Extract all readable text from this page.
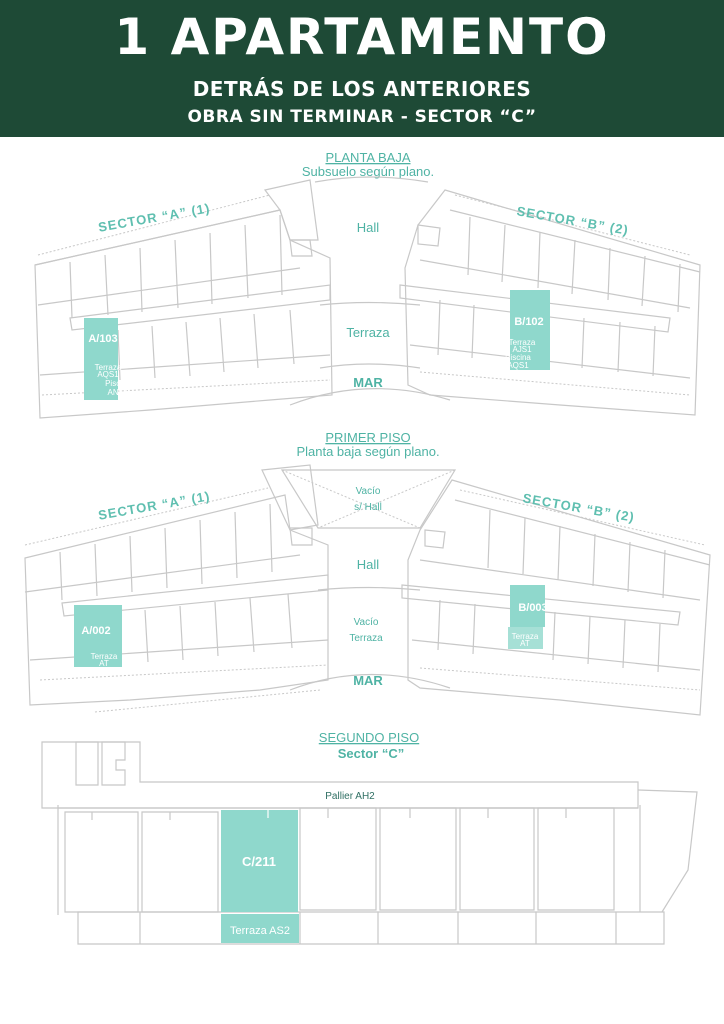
1 APARTAMENTO
DETRÁS DE LOS ANTERIORES
OBRA SIN TERMINAR - SECTOR “C”
PLANTA BAJA
Subsuelo según plano.
A/103
Terraza
AQS1
Piscina
ANS1
SECTOR “A” (1)
B/102
Terraza
AJS1
Piscina
AQS1
SECTOR “B” (2)
Hall
Terraza
MAR
PRIMER PISO
Planta baja según plano.
A/002
Terraza
AT
SECTOR “A” (1)
B/003
Terraza
AT
SECTOR “B” (2)
Vacío
s/ Hall
Hall
Vacío
Terraza
MAR
SEGUNDO PISO
Sector “C”
Pallier AH2
C/211
Terraza AS2
